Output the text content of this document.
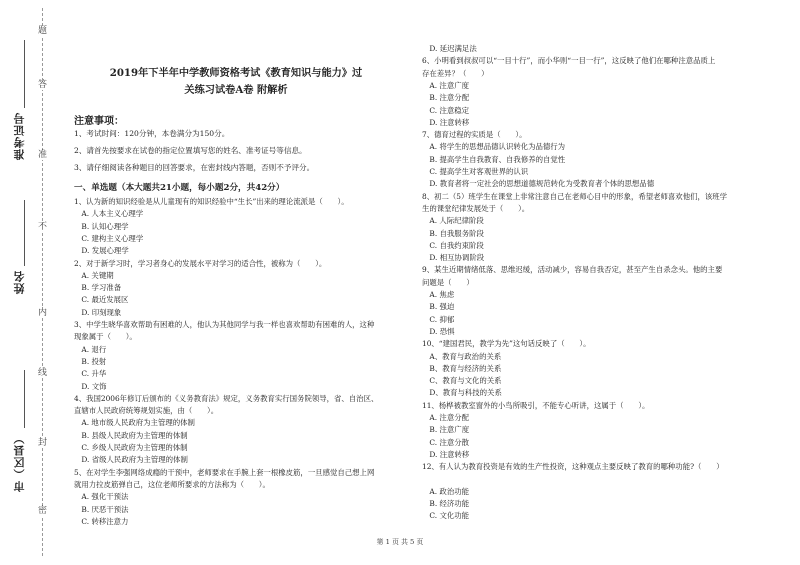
题
答
准
不
内
线
封
密
准考证号
姓名
市（区县）
2019年下半年中学教师资格考试《教育知识与能力》过
关练习试卷A卷 附解析
注意事项：
1、考试时间：120分钟，本卷满分为150分。
2、请首先按要求在试卷的指定位置填写您的姓名、准考证号等信息。
3、请仔细阅读各种题目的回答要求，在密封线内答题，否则不予评分。
一、单选题（本大题共21小题，每小题2分，共42分）
1、认为新的知识经验是从儿童现有的知识经验中“生长”出来的理论流派是（　　）。
　A. 人本主义心理学
　B. 认知心理学
　C. 建构主义心理学
　D. 发展心理学
2、对于新学习时，学习者身心的发展水平对学习的适合性，被称为（　　）。
　A. 关键期
　B. 学习准备
　C. 最近发展区
　D. 印刻现象
3、中学生晓华喜欢帮助有困难的人，他认为其他同学与我一样也喜欢帮助有困难的人，这种
现象属于（　　）。
　A. 退行
　B. 投射
　C. 升华
　D. 文饰
4、我国2006年修订后颁布的《义务教育法》规定，义务教育实行国务院领导，省、自治区、
直辖市人民政府统筹规划实施，由（　　）。
　A. 地市级人民政府为主管理的体制
　B. 县级人民政府为主管理的体制
　C. 乡级人民政府为主管理的体制
　D. 省级人民政府为主管理的体制
5、在对学生李强网络成瘾的干预中，老师要求在手腕上套一根橡皮筋，一旦感觉自己想上网
就用力拉皮筋弹自己，这位老师所要求的方法称为（　　）。
　A. 强化干预法
　B. 厌恶干预法
　C. 转移注意力
　D. 延迟满足法
6、小明看到叔叔可以“一目十行”，而小华则“一目一行”，这反映了他们在哪种注意品质上
存在差异？（　　）
　A. 注意广度
　B. 注意分配
　C. 注意稳定
　D. 注意转移
7、德育过程的实质是（　　）。
　A. 将学生的思想品德认识转化为品德行为
　B. 提高学生自我教育、自我修养的自觉性
　C. 提高学生对客观世界的认识
　D. 教育者将一定社会的思想道德规范转化为受教育者个体的思想品德
8、初二（5）班学生在课堂上非常注意自己在老师心目中的形象，希望老师喜欢他们，该班学
生的课堂纪律发展处于（　　）。
　A. 人际纪律阶段
　B. 自我服务阶段
　C. 自我约束阶段
　D. 相互协调阶段
9、某生近期情绪低落、思维迟缓，活动减少，容易自我否定，甚至产生自杀念头。他的主要
问题是（　　）
　A. 焦虑
　B. 强迫
　C. 抑郁
　D. 恐惧
10、“建国君民，教学为先”这句话反映了（　　）。
　A、教育与政治的关系
　B、教育与经济的关系
　C、教育与文化的关系
　D、教育与科技的关系
11、杨桦被教室窗外的小鸟所吸引，不能专心听讲，这属于（　　）。
　A. 注意分配
　B. 注意广度
　C. 注意分散
　D. 注意转移
12、有人认为教育投资是有效的生产性投资，这种观点主要反映了教育的哪种功能?（　　）
　A. 政治功能
　B. 经济功能
　C. 文化功能
第 1 页 共 5 页
